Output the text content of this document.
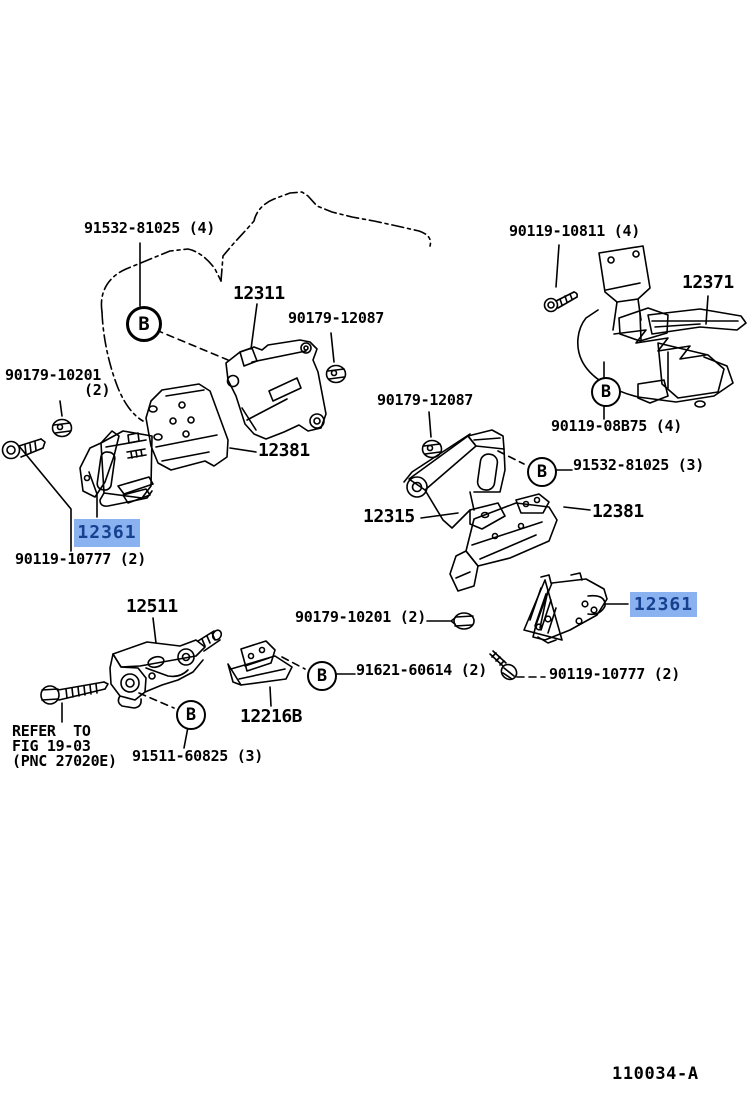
91532-81025 (4)
12311
90179-12087
90179-10201
(2)
12381
12361
90119-10777 (2)
90119-10811 (4)
12371
90119-08B75 (4)
91532-81025 (3)
90179-12087
12315	12381
12361
90179-10201 (2)
91621-60614 (2)	90119-10777 (2)
12511
REFER  TO
FIG 19-03
(PNC 27020E) 91511-60825 (3)
12216B
110034-A
B
B
B
B
B
